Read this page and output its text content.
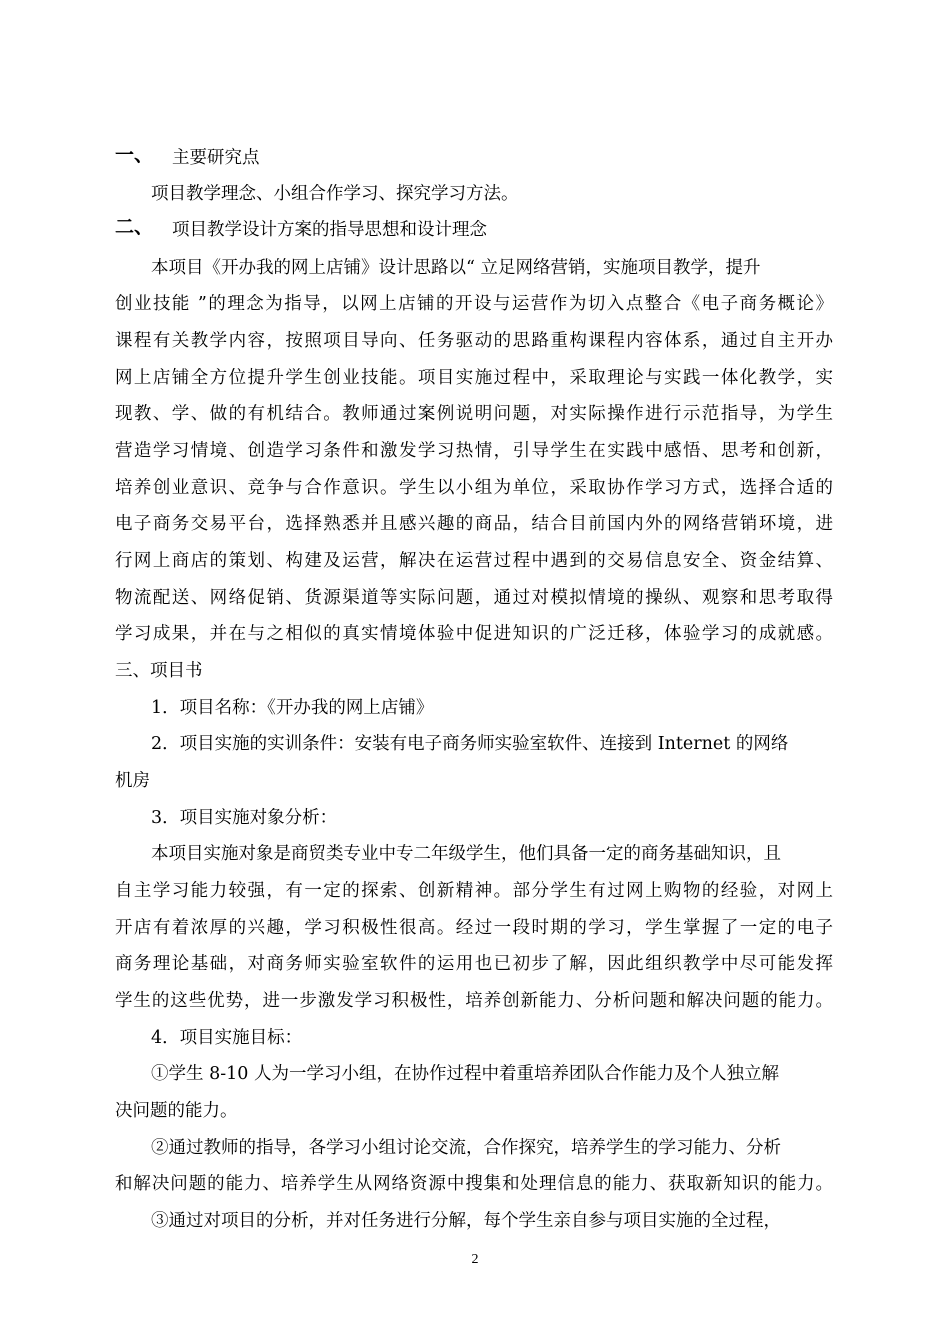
一、 主要研究点
项目教学理念、小组合作学习、探究学习方法。
二、 项目教学设计方案的指导思想和设计理念
本项目《开办我的网上店铺》设计思路以“ 立足网络营销，实施项目教学，提升
创业技能 ”的理念为指导，以网上店铺的开设与运营作为切入点整合《电子商务概论》
课程有关教学内容，按照项目导向、任务驱动的思路重构课程内容体系，通过自主开办
网上店铺全方位提升学生创业技能。项目实施过程中，采取理论与实践一体化教学，实
现教、学、做的有机结合。教师通过案例说明问题，对实际操作进行示范指导，为学生
营造学习情境、创造学习条件和激发学习热情，引导学生在实践中感悟、思考和创新，
培养创业意识、竞争与合作意识。学生以小组为单位，采取协作学习方式，选择合适的
电子商务交易平台，选择熟悉并且感兴趣的商品，结合目前国内外的网络营销环境，进
行网上商店的策划、构建及运营，解决在运营过程中遇到的交易信息安全、资金结算、
物流配送、网络促销、货源渠道等实际问题，通过对模拟情境的操纵、观察和思考取得
学习成果，并在与之相似的真实情境体验中促进知识的广泛迁移，体验学习的成就感。
三、项目书
1．项目名称：《开办我的网上店铺》
2．项目实施的实训条件：安装有电子商务师实验室软件、连接到 Internet 的网络
机房
3．项目实施对象分析：
本项目实施对象是商贸类专业中专二年级学生，他们具备一定的商务基础知识，且
自主学习能力较强，有一定的探索、创新精神。部分学生有过网上购物的经验，对网上
开店有着浓厚的兴趣，学习积极性很高。经过一段时期的学习，学生掌握了一定的电子
商务理论基础，对商务师实验室软件的运用也已初步了解，因此组织教学中尽可能发挥
学生的这些优势，进一步激发学习积极性，培养创新能力、分析问题和解决问题的能力。
4．项目实施目标：
①学生 8-10 人为一学习小组，在协作过程中着重培养团队合作能力及个人独立解
决问题的能力。
②通过教师的指导，各学习小组讨论交流，合作探究，培养学生的学习能力、分析
和解决问题的能力、培养学生从网络资源中搜集和处理信息的能力、获取新知识的能力。
③通过对项目的分析，并对任务进行分解，每个学生亲自参与项目实施的全过程，
2
